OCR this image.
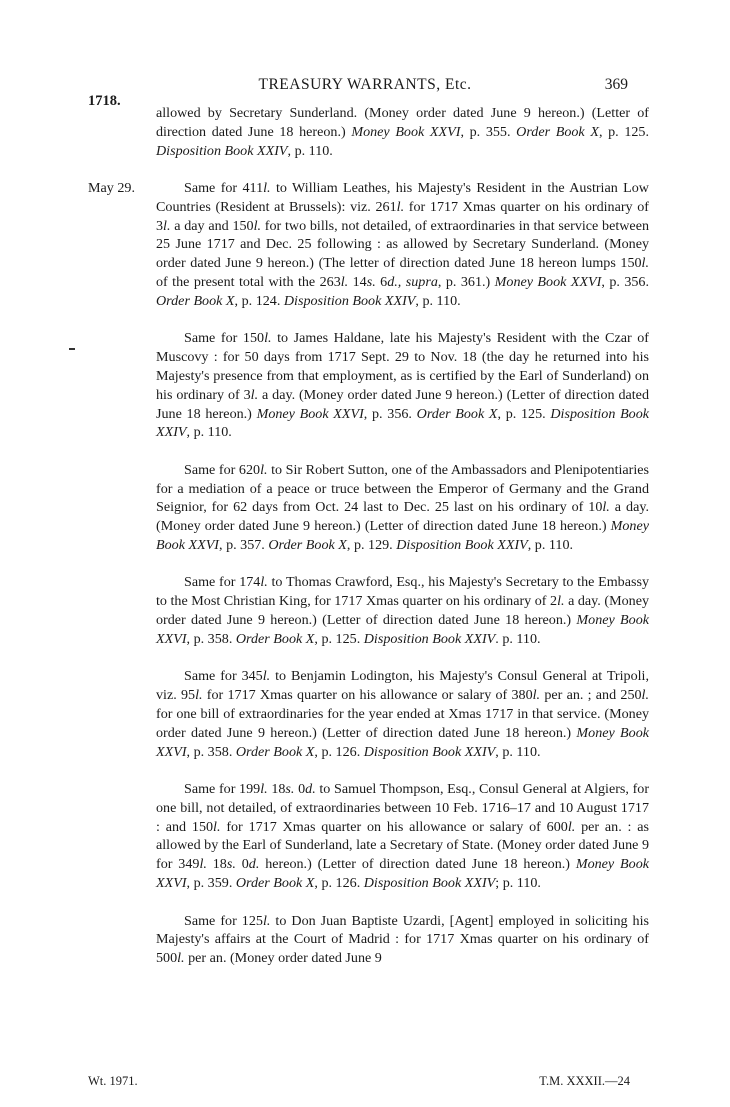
TREASURY WARRANTS, Etc.	369
1718.

allowed by Secretary Sunderland. (Money order dated June 9 hereon.) (Letter of direction dated June 18 hereon.) Money Book XXVI, p. 355. Order Book X, p. 125. Disposition Book XXIV, p. 110.

May 29.	Same for 411l. to William Leathes, his Majesty's Resident in the Austrian Low Countries (Resident at Brussels): viz. 261l. for 1717 Xmas quarter on his ordinary of 3l. a day and 150l. for two bills, not detailed, of extraordinaries in that service between 25 June 1717 and Dec. 25 following : as allowed by Secretary Sunderland. (Money order dated June 9 hereon.) (The letter of direction dated June 18 hereon lumps 150l. of the present total with the 263l. 14s. 6d., supra, p. 361.) Money Book XXVI, p. 356. Order Book X, p. 124. Disposition Book XXIV, p. 110.

Same for 150l. to James Haldane, late his Majesty's Resident with the Czar of Muscovy : for 50 days from 1717 Sept. 29 to Nov. 18 (the day he returned into his Majesty's presence from that employment, as is certified by the Earl of Sunderland) on his ordinary of 3l. a day. (Money order dated June 9 hereon.) (Letter of direction dated June 18 hereon.) Money Book XXVI, p. 356. Order Book X, p. 125. Disposition Book XXIV, p. 110.

Same for 620l. to Sir Robert Sutton, one of the Ambassadors and Plenipotentiaries for a mediation of a peace or truce between the Emperor of Germany and the Grand Seignior, for 62 days from Oct. 24 last to Dec. 25 last on his ordinary of 10l. a day. (Money order dated June 9 hereon.) (Letter of direction dated June 18 hereon.) Money Book XXVI, p. 357. Order Book X, p. 129. Disposition Book XXIV, p. 110.

Same for 174l. to Thomas Crawford, Esq., his Majesty's Secretary to the Embassy to the Most Christian King, for 1717 Xmas quarter on his ordinary of 2l. a day. (Money order dated June 9 hereon.) (Letter of direction dated June 18 hereon.) Money Book XXVI, p. 358. Order Book X, p. 125. Disposition Book XXIV. p. 110.

Same for 345l. to Benjamin Lodington, his Majesty's Consul General at Tripoli, viz. 95l. for 1717 Xmas quarter on his allowance or salary of 380l. per an. ; and 250l. for one bill of extraordinaries for the year ended at Xmas 1717 in that service. (Money order dated June 9 hereon.) (Letter of direction dated June 18 hereon.) Money Book XXVI, p. 358. Order Book X, p. 126. Disposition Book XXIV, p. 110.

Same for 199l. 18s. 0d. to Samuel Thompson, Esq., Consul General at Algiers, for one bill, not detailed, of extraordinaries between 10 Feb. 1716–17 and 10 August 1717 : and 150l. for 1717 Xmas quarter on his allowance or salary of 600l. per an. : as allowed by the Earl of Sunderland, late a Secretary of State. (Money order dated June 9 for 349l. 18s. 0d. hereon.) (Letter of direction dated June 18 hereon.) Money Book XXVI, p. 359. Order Book X, p. 126. Disposition Book XXIV; p. 110.

Same for 125l. to Don Juan Baptiste Uzardi, [Agent] employed in soliciting his Majesty's affairs at the Court of Madrid : for 1717 Xmas quarter on his ordinary of 500l. per an. (Money order dated June 9

Wt. 1971.	T.M. XXXII.—24
